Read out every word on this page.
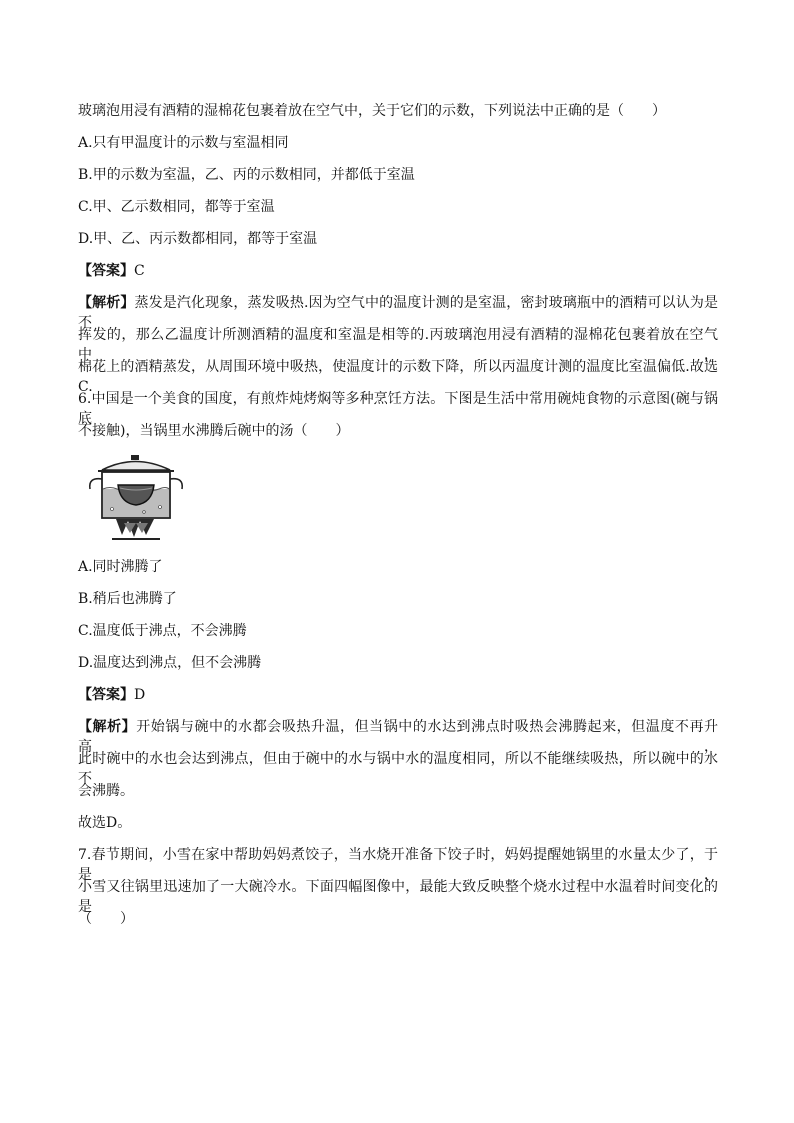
玻璃泡用浸有酒精的湿棉花包裹着放在空气中，关于它们的示数，下列说法中正确的是（　　）
A.只有甲温度计的示数与室温相同
B.甲的示数为室温，乙、丙的示数相同，并都低于室温
C.甲、乙示数相同，都等于室温
D.甲、乙、丙示数都相同，都等于室温
【答案】C
【解析】蒸发是汽化现象，蒸发吸热.因为空气中的温度计测的是室温，密封玻璃瓶中的酒精可以认为是不
挥发的，那么乙温度计所测酒精的温度和室温是相等的.丙玻璃泡用浸有酒精的湿棉花包裹着放在空气中，
棉花上的酒精蒸发，从周围环境中吸热，使温度计的示数下降，所以丙温度计测的温度比室温偏低.故选C.
6.中国是一个美食的国度，有煎炸炖烤焖等多种烹饪方法。下图是生活中常用碗炖食物的示意图(碗与锅底
不接触)，当锅里水沸腾后碗中的汤（　　）
A.同时沸腾了
B.稍后也沸腾了
C.温度低于沸点，不会沸腾
D.温度达到沸点，但不会沸腾
【答案】D
【解析】开始锅与碗中的水都会吸热升温，但当锅中的水达到沸点时吸热会沸腾起来，但温度不再升高，
此时碗中的水也会达到沸点，但由于碗中的水与锅中水的温度相同，所以不能继续吸热，所以碗中的水不
会沸腾。
故选D。
7.春节期间，小雪在家中帮助妈妈煮饺子，当水烧开准备下饺子时，妈妈提醒她锅里的水量太少了，于是，
小雪又往锅里迅速加了一大碗冷水。下面四幅图像中，最能大致反映整个烧水过程中水温着时间变化的是
（　　）
